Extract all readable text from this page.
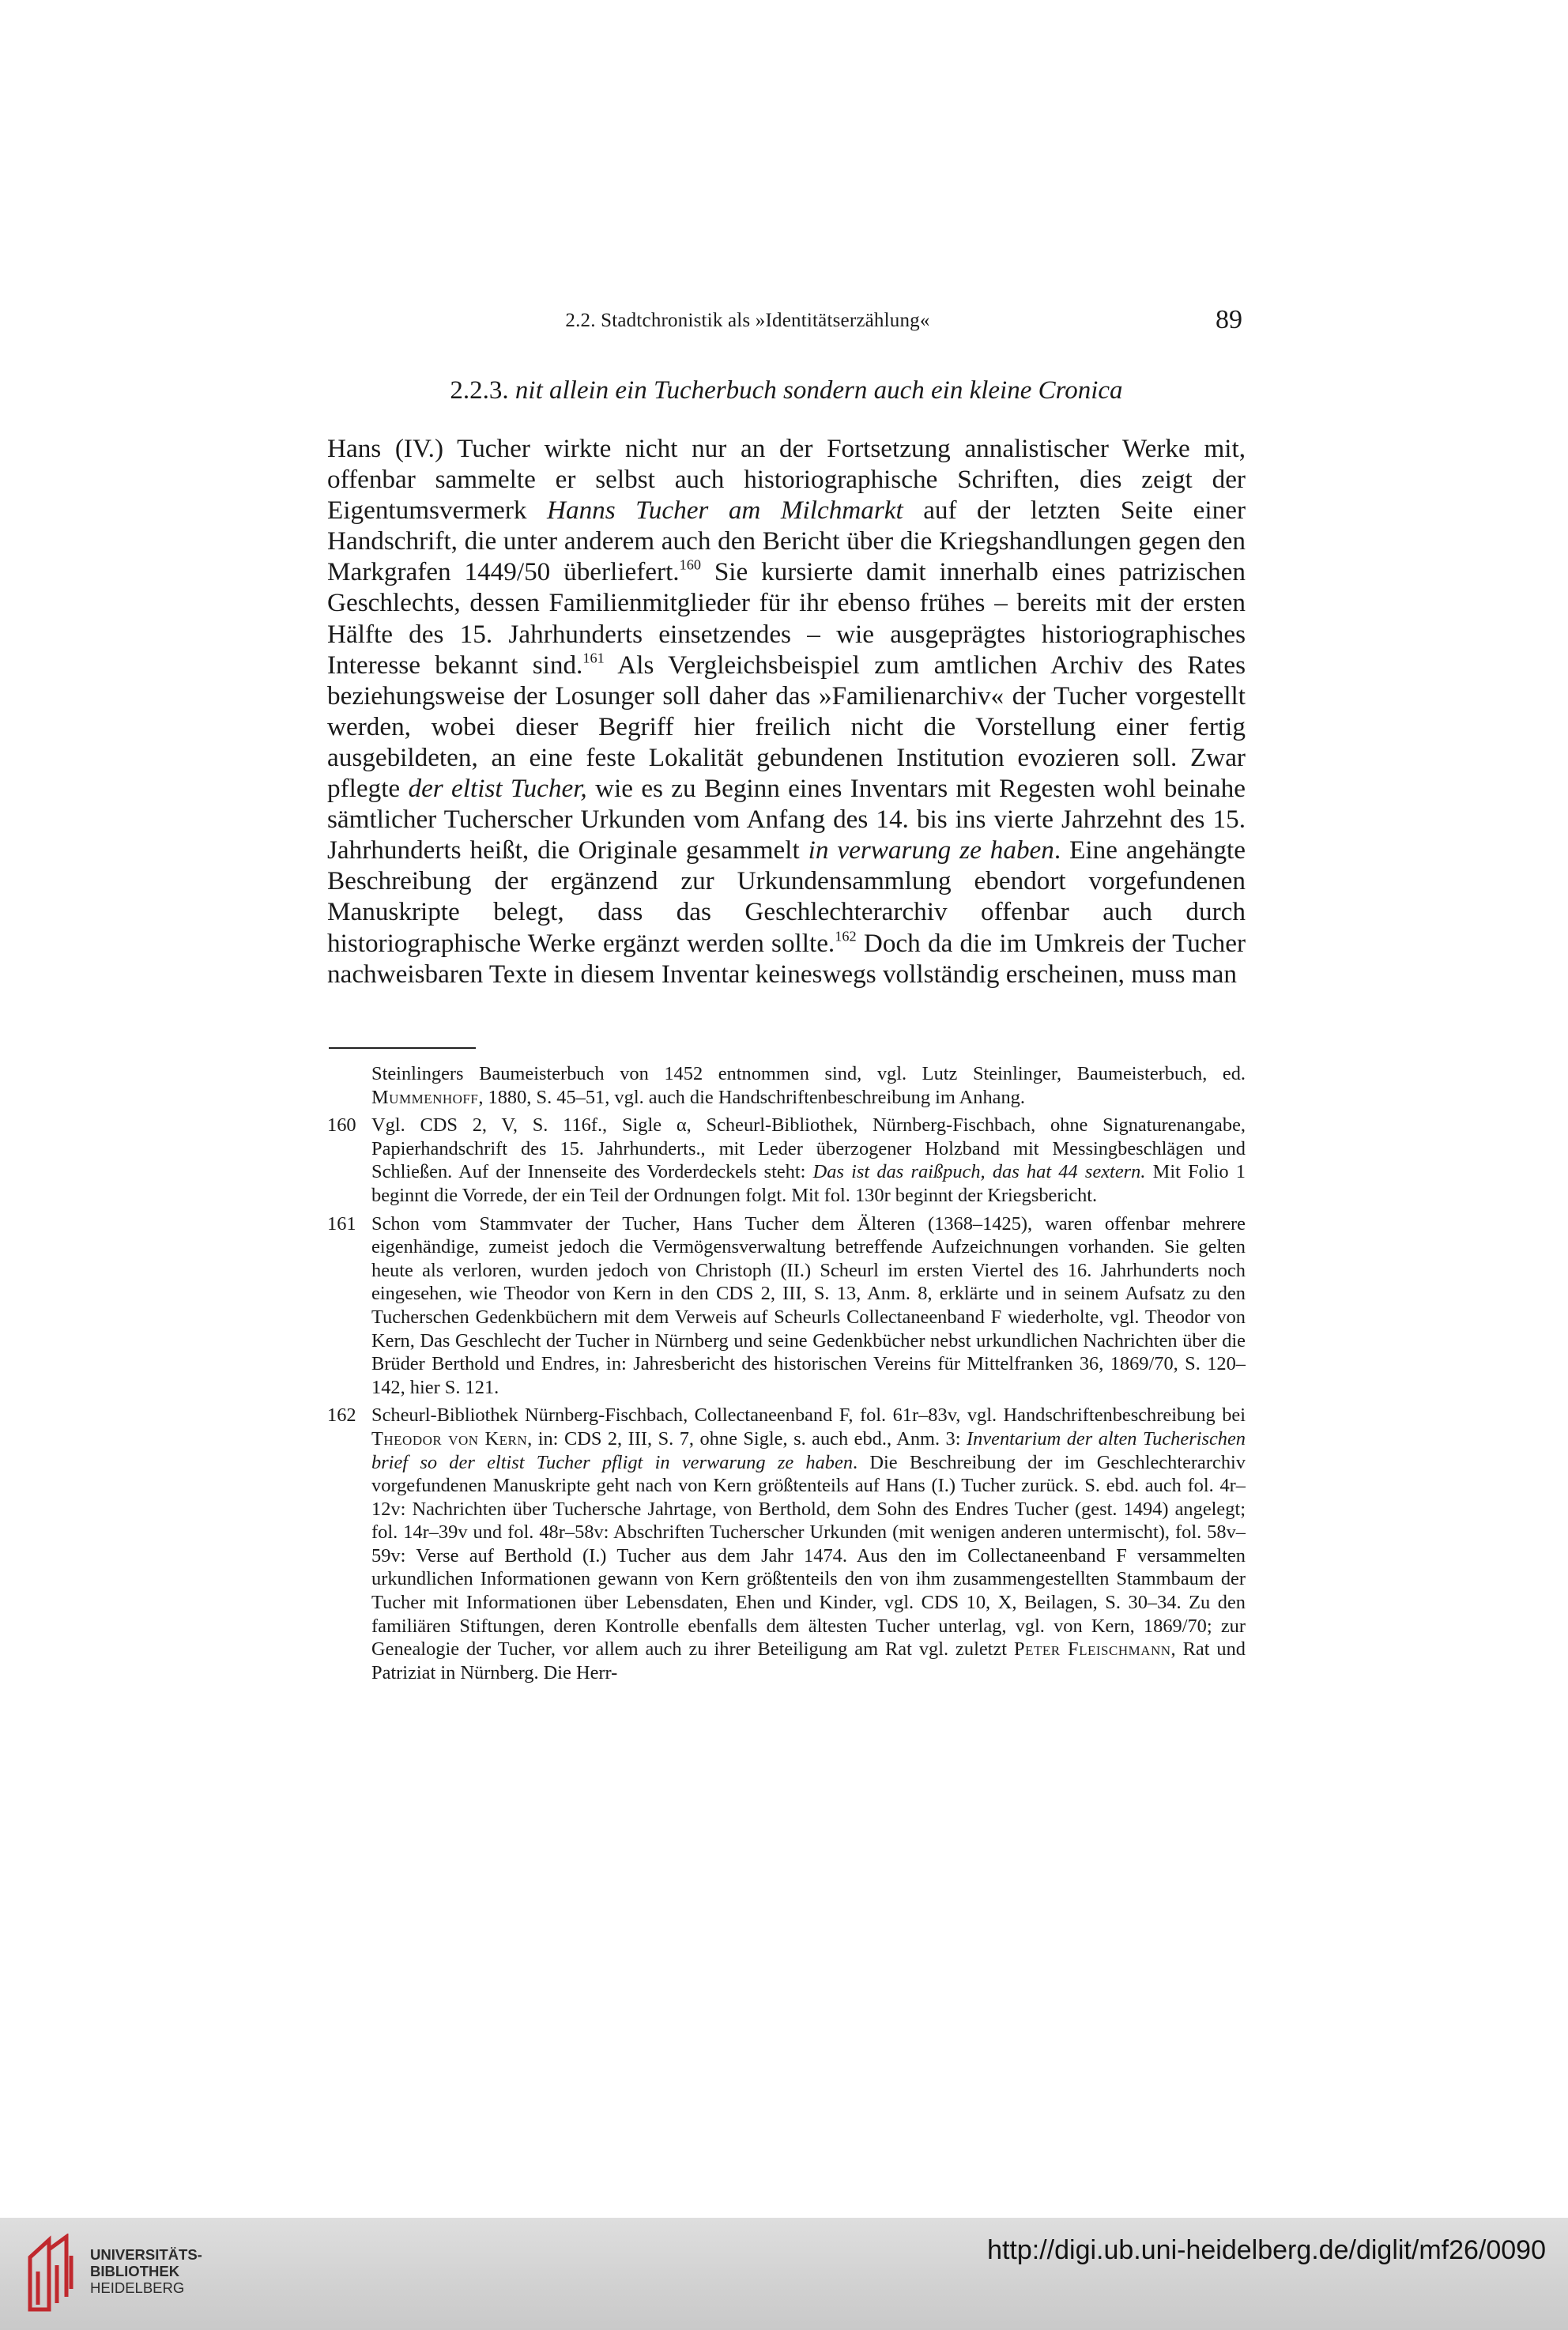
2.2. Stadtchronistik als »Identitätserzählung«	89
2.2.3. nit allein ein Tucherbuch sondern auch ein kleine Cronica

Hans (IV.) Tucher wirkte nicht nur an der Fortsetzung annalistischer Werke mit, offenbar sammelte er selbst auch historiographische Schriften, dies zeigt der Eigentumsvermerk Hanns Tucher am Milchmarkt auf der letzten Seite einer Handschrift, die unter anderem auch den Bericht über die Kriegshandlungen gegen den Markgrafen 1449/50 überliefert.$^{160}$ Sie kursierte damit innerhalb eines patrizischen Geschlechts, dessen Familienmitglieder für ihr ebenso frühes – bereits mit der ersten Hälfte des 15. Jahrhunderts einsetzendes – wie ausgeprägtes historiographisches Interesse bekannt sind.$^{161}$ Als Vergleichsbeispiel zum amtlichen Archiv des Rates beziehungsweise der Losunger soll daher das »Familienarchiv« der Tucher vorgestellt werden, wobei dieser Begriff hier freilich nicht die Vorstellung einer fertig ausgebildeten, an eine feste Lokalität gebundenen Institution evozieren soll. Zwar pflegte der eltist Tucher, wie es zu Beginn eines Inventars mit Regesten wohl beinahe sämtlicher Tucherscher Urkunden vom Anfang des 14. bis ins vierte Jahrzehnt des 15. Jahrhunderts heißt, die Originale gesammelt in verwarung ze haben. Eine angehängte Beschreibung der ergänzend zur Urkundensammlung ebendort vorgefundenen Manuskripte belegt, dass das Geschlechterarchiv offenbar auch durch historiographische Werke ergänzt werden sollte.$^{162}$ Doch da die im Umkreis der Tucher nachweisbaren Texte in diesem Inventar keineswegs vollständig erscheinen, muss man

Steinlingers Baumeisterbuch von 1452 entnommen sind, vgl. Lutz Steinlinger, Baumeisterbuch, ed. Mummenhoff, 1880, S. 45–51, vgl. auch die Handschriftenbeschreibung im Anhang.
160 Vgl. CDS 2, V, S. 116f., Sigle α, Scheurl-Bibliothek, Nürnberg-Fischbach, ohne Signaturenangabe, Papierhandschrift des 15. Jahrhunderts., mit Leder überzogener Holzband mit Messingbeschlägen und Schließen. Auf der Innenseite des Vorderdeckels steht: Das ist das raißpuch, das hat 44 sextern. Mit Folio 1 beginnt die Vorrede, der ein Teil der Ordnungen folgt. Mit fol. 130r beginnt der Kriegsbericht.
161 Schon vom Stammvater der Tucher, Hans Tucher dem Älteren (1368–1425), waren offenbar mehrere eigenhändige, zumeist jedoch die Vermögensverwaltung betreffende Aufzeichnungen vorhanden. Sie gelten heute als verloren, wurden jedoch von Christoph (II.) Scheurl im ersten Viertel des 16. Jahrhunderts noch eingesehen, wie Theodor von Kern in den CDS 2, III, S. 13, Anm. 8, erklärte und in seinem Aufsatz zu den Tucherschen Gedenkbüchern mit dem Verweis auf Scheurls Collectaneenband F wiederholte, vgl. Theodor von Kern, Das Geschlecht der Tucher in Nürnberg und seine Gedenkbücher nebst urkundlichen Nachrichten über die Brüder Berthold und Endres, in: Jahresbericht des historischen Vereins für Mittelfranken 36, 1869/70, S. 120–142, hier S. 121.
162 Scheurl-Bibliothek Nürnberg-Fischbach, Collectaneenband F, fol. 61r–83v, vgl. Handschriftenbeschreibung bei Theodor von Kern, in: CDS 2, III, S. 7, ohne Sigle, s. auch ebd., Anm. 3: Inventarium der alten Tucherischen brief so der eltist Tucher pfligt in verwarung ze haben. Die Beschreibung der im Geschlechterarchiv vorgefundenen Manuskripte geht nach von Kern größtenteils auf Hans (I.) Tucher zurück. S. ebd. auch fol. 4r–12v: Nachrichten über Tuchersche Jahrtage, von Berthold, dem Sohn des Endres Tucher (gest. 1494) angelegt; fol. 14r–39v und fol. 48r–58v: Abschriften Tucherscher Urkunden (mit wenigen anderen untermischt), fol. 58v–59v: Verse auf Berthold (I.) Tucher aus dem Jahr 1474. Aus den im Collectaneenband F versammelten urkundlichen Informationen gewann von Kern größtenteils den von ihm zusammengestellten Stammbaum der Tucher mit Informationen über Lebensdaten, Ehen und Kinder, vgl. CDS 10, X, Beilagen, S. 30–34. Zu den familiären Stiftungen, deren Kontrolle ebenfalls dem ältesten Tucher unterlag, vgl. von Kern, 1869/70; zur Genealogie der Tucher, vor allem auch zu ihrer Beteiligung am Rat vgl. zuletzt Peter Fleischmann, Rat und Patriziat in Nürnberg. Die Herr-
UNIVERSITÄTS-
BIBLIOTHEK
HEIDELBERG
http://digi.ub.uni-heidelberg.de/diglit/mf26/0090
